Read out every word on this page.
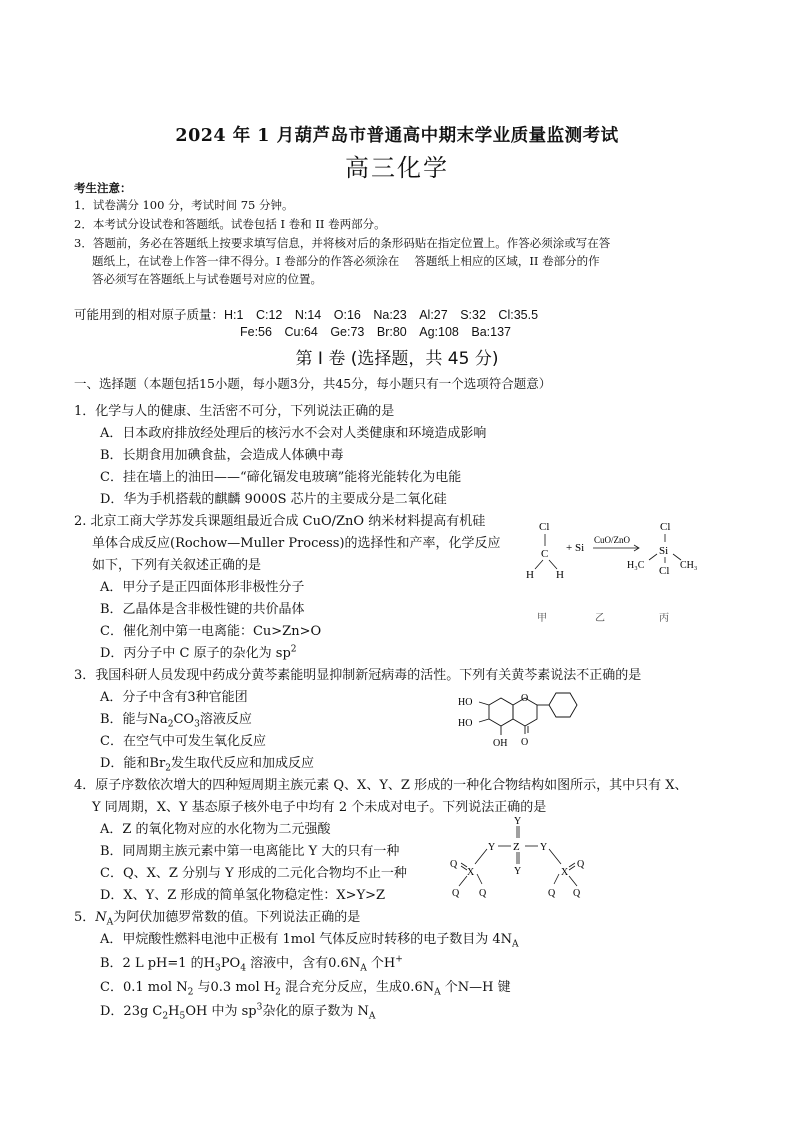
2024 年 1 月葫芦岛市普通高中期末学业质量监测考试
高三化学
考生注意：
1．试卷满分 100 分，考试时间 75 分钟。
2．本考试分设试卷和答题纸。试卷包括 I 卷和 II 卷两部分。
3．答题前，务必在答题纸上按要求填写信息，并将核对后的条形码贴在指定位置上。作答必须涂或写在答
题纸上，在试卷上作答一律不得分。I 卷部分的作答必须涂在　 答题纸上相应的区域，II 卷部分的作
答必须写在答题纸上与试卷题号对应的位置。
可能用到的相对原子质量：H:1　C:12　N:14　O:16　Na:23　Al:27　S:32　Cl:35.5
Fe:56　Cu:64　Ge:73　Br:80　Ag:108　Ba:137
第 I 卷 (选择题，共 45 分)
一、选择题（本题包括15小题，每小题3分，共45分，每小题只有一个选项符合题意）
1．化学与人的健康、生活密不可分，下列说法正确的是
A．日本政府排放经处理后的核污水不会对人类健康和环境造成影响
B．长期食用加碘食盐，会造成人体碘中毒
C．挂在墙上的油田——“碲化镉发电玻璃”能将光能转化为电能
D．华为手机搭载的麒麟 9000S 芯片的主要成分是二氧化硅
2. 北京工商大学苏发兵课题组最近合成 CuO/ZnO 纳米材料提高有机硅
单体合成反应(Rochow—Muller Process)的选择性和产率，化学反应
如下，下列有关叙述正确的是
A．甲分子是正四面体形非极性分子
B．乙晶体是含非极性键的共价晶体
C．催化剂中第一电离能：Cu>Zn>O
D．丙分子中 C 原子的杂化为 $sp^2$
Cl
C
H H
+ Si
CuO/ZnO
Cl
Si
H₃C	CH₃
Cl
甲	乙	丙
3．我国科研人员发现中药成分黄芩素能明显抑制新冠病毒的活性。下列有关黄芩素说法不正确的是
A．分子中含有3种官能团
B．能与$Na_2CO_3$溶液反应
C．在空气中可发生氧化反应
D．能和$Br_2$发生取代反应和加成反应
HO
HO
OH O
O
4．原子序数依次增大的四种短周期主族元素 Q、X、Y、Z 形成的一种化合物结构如图所示，其中只有 X、
Y 同周期，X、Y 基态原子核外电子中均有 2 个未成对电子。下列说法正确的是
A．Z 的氧化物对应的水化物为二元强酸
B．同周期主族元素中第一电离能比 Y 大的只有一种
C．Q、X、Z 分别与 Y 形成的二元化合物均不止一种
D．X、Y、Z 形成的简单氢化物稳定性：X>Y>Z
Y
Z
Y
Y	Y
X	X
Q
Q Q
Q
Q Q
5．$N_A$为阿伏加德罗常数的值。下列说法正确的是
A．甲烷酸性燃料电池中正极有 1mol 气体反应时转移的电子数目为 $4N_A$
B．2 L pH=1 的$H_3PO_4$ 溶液中，含有$0.6N_A$ 个H+
C．0.1 mol $N_2$ 与0.3 mol $H_2$ 混合充分反应，生成$0.6N_A$ 个N—H 键
D．23g $C_2H_5OH$ 中为 $sp^3$杂化的原子数为 $N_A$
